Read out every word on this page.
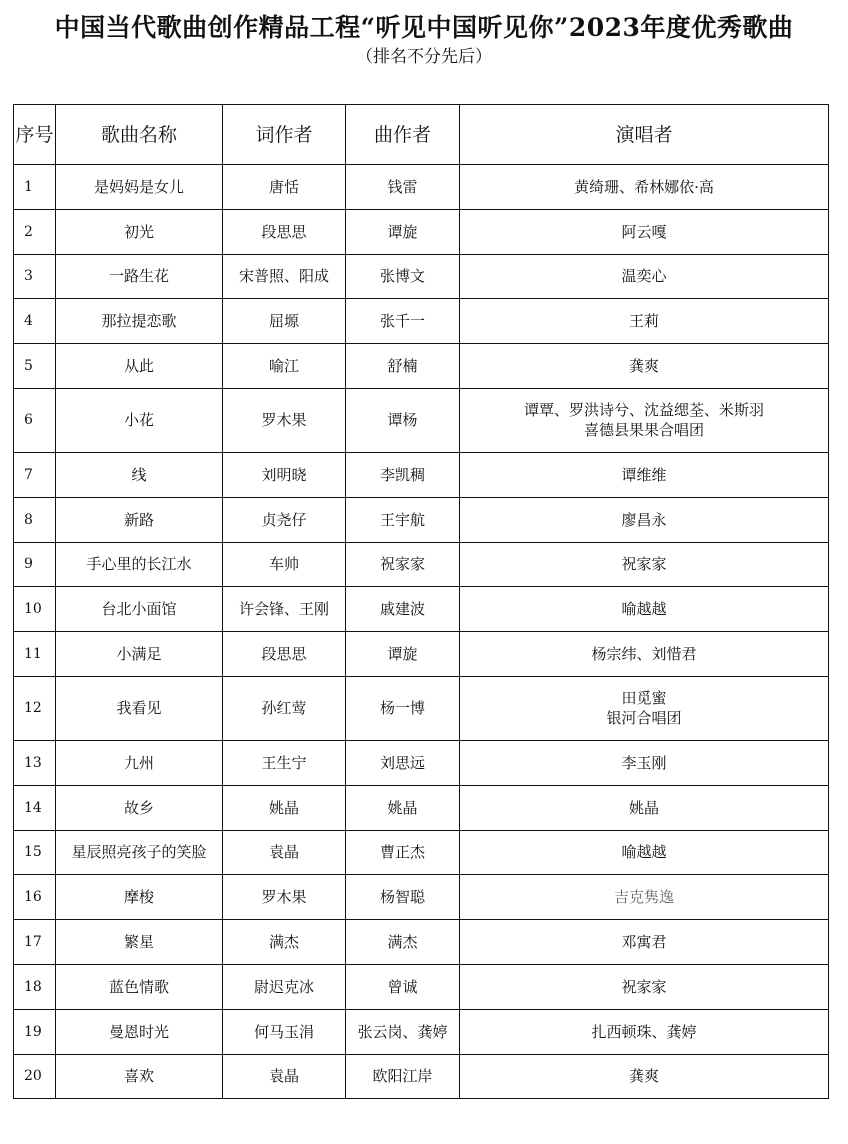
中国当代歌曲创作精品工程“听见中国听见你”2023年度优秀歌曲
（排名不分先后）
序号	歌曲名称	词作者	曲作者	演唱者
1	是妈妈是女儿	唐恬	钱雷	黄绮珊、希林娜依·高

2	初光	段思思	谭旋	阿云嘎

3	一路生花	宋普照、阳成	张博文	温奕心

4	那拉提恋歌	屈塬	张千一	王莉

5	从此	喻江	舒楠	龚爽

6	小花	罗木果	谭杨	谭覃、罗洪诗兮、沈益缌荃、米斯羽
喜德县果果合唱团

7	线	刘明晓	李凯稠	谭维维

8	新路	贞尧仔	王宇航	廖昌永

9	手心里的长江水	车帅	祝家家	祝家家

10	台北小面馆	许会锋、王刚	戚建波	喻越越

11	小满足	段思思	谭旋	杨宗纬、刘惜君

12	我看见	孙红莺	杨一博	田觅蜜
银河合唱团

13	九州	王生宁	刘思远	李玉刚

14	故乡	姚晶	姚晶	姚晶

15	星辰照亮孩子的笑脸	袁晶	曹正杰	喻越越

16	摩梭	罗木果	杨智聪	吉克隽逸

17	繁星	满杰	满杰	邓寓君

18	蓝色情歌	尉迟克冰	曾诚	祝家家

19	曼恩时光	何马玉涓	张云岗、龚婷	扎西顿珠、龚婷

20	喜欢	袁晶	欧阳江岸	龚爽
